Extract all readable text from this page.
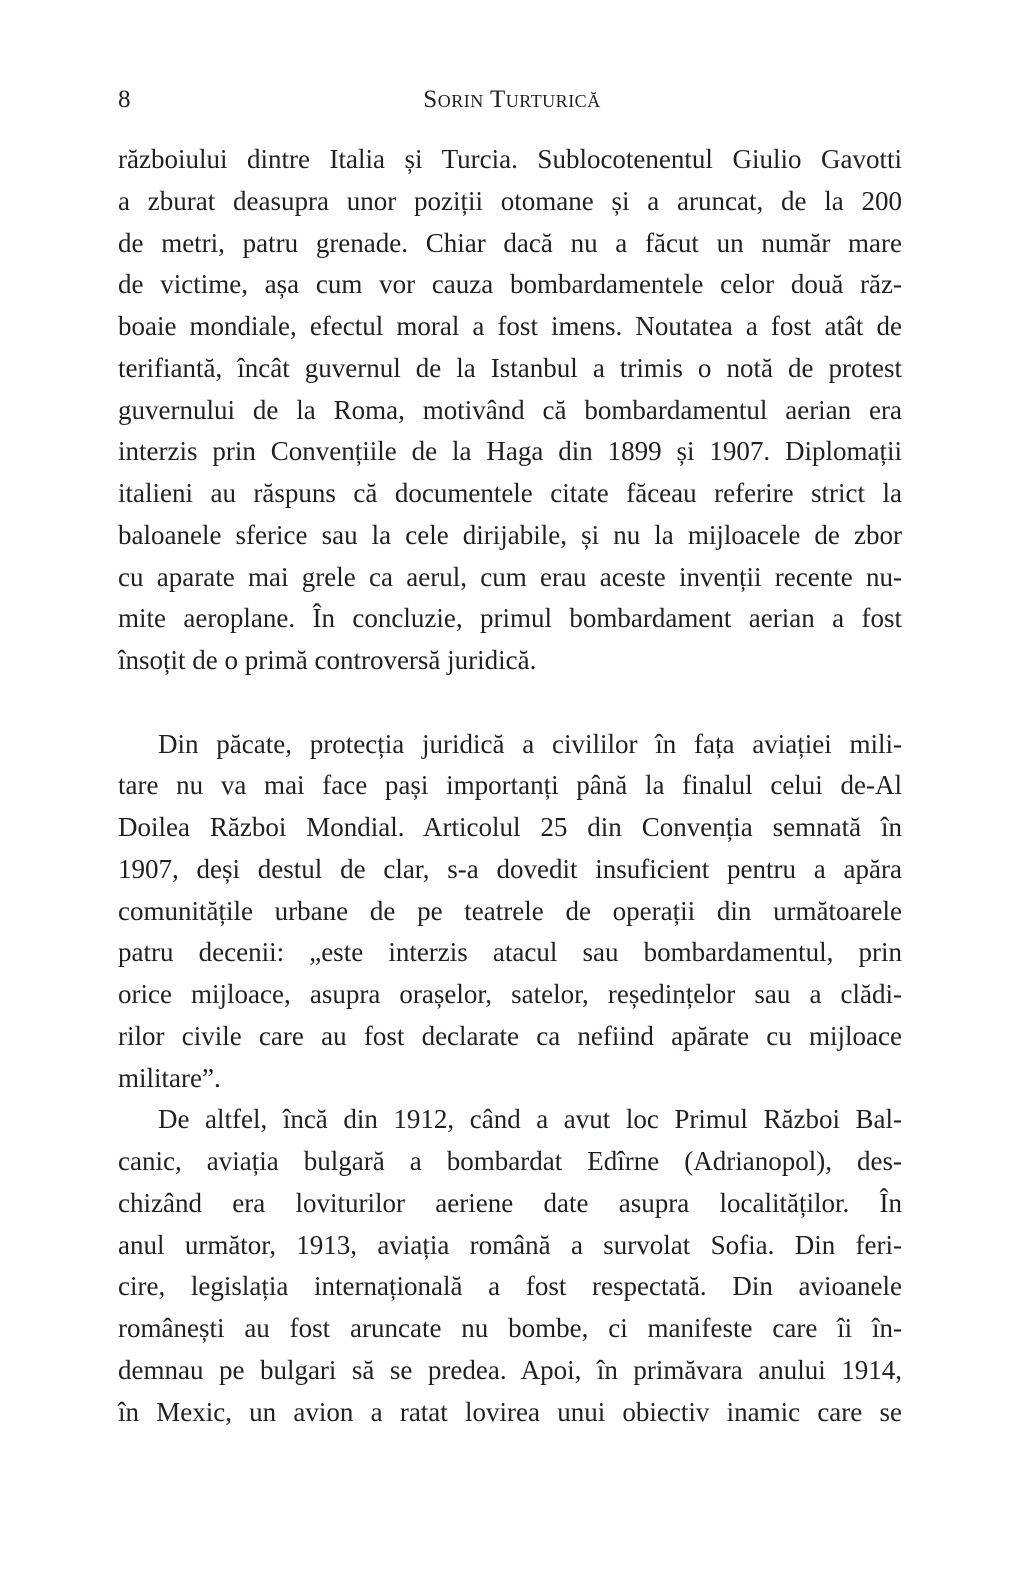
8	Sorin Turturică
războiului dintre Italia și Turcia. Sublocotenentul Giulio Gavotti
a zburat deasupra unor poziții otomane și a aruncat, de la 200
de metri, patru grenade. Chiar dacă nu a făcut un număr mare
de victime, așa cum vor cauza bombardamentele celor două răz-
boaie mondiale, efectul moral a fost imens. Noutatea a fost atât de
terifiantă, încât guvernul de la Istanbul a trimis o notă de protest
guvernului de la Roma, motivând că bombardamentul aerian era
interzis prin Convențiile de la Haga din 1899 și 1907. Diplomații
italieni au răspuns că documentele citate făceau referire strict la
baloanele sferice sau la cele dirijabile, și nu la mijloacele de zbor
cu aparate mai grele ca aerul, cum erau aceste invenții recente nu-
mite aeroplane. În concluzie, primul bombardament aerian a fost
însoțit de o primă controversă juridică.
Din păcate, protecția juridică a civililor în fața aviației mili-
tare nu va mai face pași importanți până la finalul celui de-Al
Doilea Război Mondial. Articolul 25 din Convenția semnată în
1907, deși destul de clar, s-a dovedit insuficient pentru a apăra
comunitățile urbane de pe teatrele de operații din următoarele
patru decenii: „este interzis atacul sau bombardamentul, prin
orice mijloace, asupra orașelor, satelor, reședințelor sau a clădi-
rilor civile care au fost declarate ca nefiind apărate cu mijloace
militare”.
De altfel, încă din 1912, când a avut loc Primul Război Bal-
canic, aviația bulgară a bombardat Edîrne (Adrianopol), des-
chizând era loviturilor aeriene date asupra localităților. În
anul următor, 1913, aviația română a survolat Sofia. Din feri-
cire, legislația internațională a fost respectată. Din avioanele
românești au fost aruncate nu bombe, ci manifeste care îi în-
demnau pe bulgari să se predea. Apoi, în primăvara anului 1914,
în Mexic, un avion a ratat lovirea unui obiectiv inamic care se
